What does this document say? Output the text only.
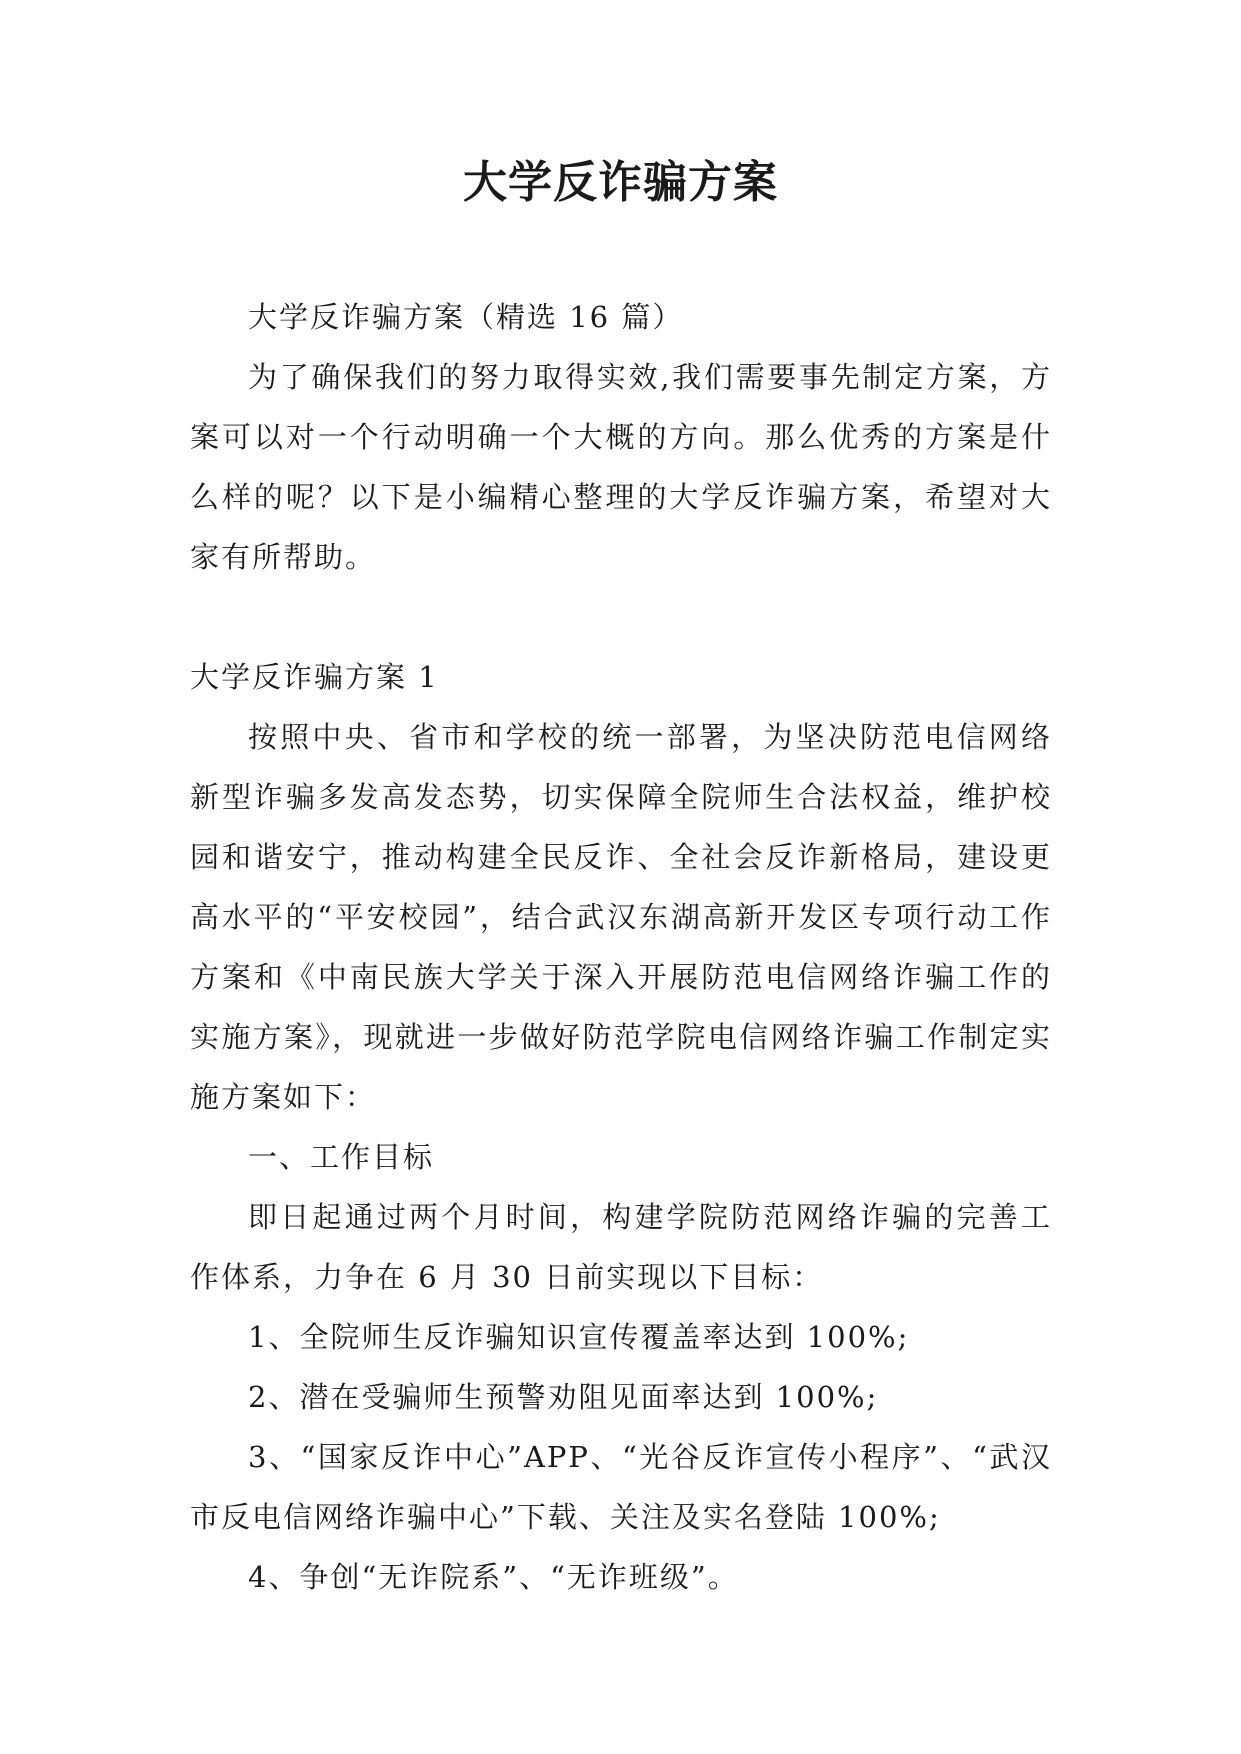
大学反诈骗方案

大学反诈骗方案（精选 16 篇）

为了确保我们的努力取得实效,我们需要事先制定方案，方案可以对一个行动明确一个大概的方向。那么优秀的方案是什么样的呢？以下是小编精心整理的大学反诈骗方案，希望对大家有所帮助。

大学反诈骗方案 1

按照中央、省市和学校的统一部署，为坚决防范电信网络新型诈骗多发高发态势，切实保障全院师生合法权益，维护校园和谐安宁，推动构建全民反诈、全社会反诈新格局，建设更高水平的“平安校园”，结合武汉东湖高新开发区专项行动工作方案和《中南民族大学关于深入开展防范电信网络诈骗工作的实施方案》，现就进一步做好防范学院电信网络诈骗工作制定实施方案如下：

一、工作目标

即日起通过两个月时间，构建学院防范网络诈骗的完善工作体系，力争在 6 月 30 日前实现以下目标：

1、全院师生反诈骗知识宣传覆盖率达到 100%;

2、潜在受骗师生预警劝阻见面率达到 100%;

3、“国家反诈中心”APP、“光谷反诈宣传小程序”、“武汉市反电信网络诈骗中心”下载、关注及实名登陆 100%;

4、争创“无诈院系”、“无诈班级”。
